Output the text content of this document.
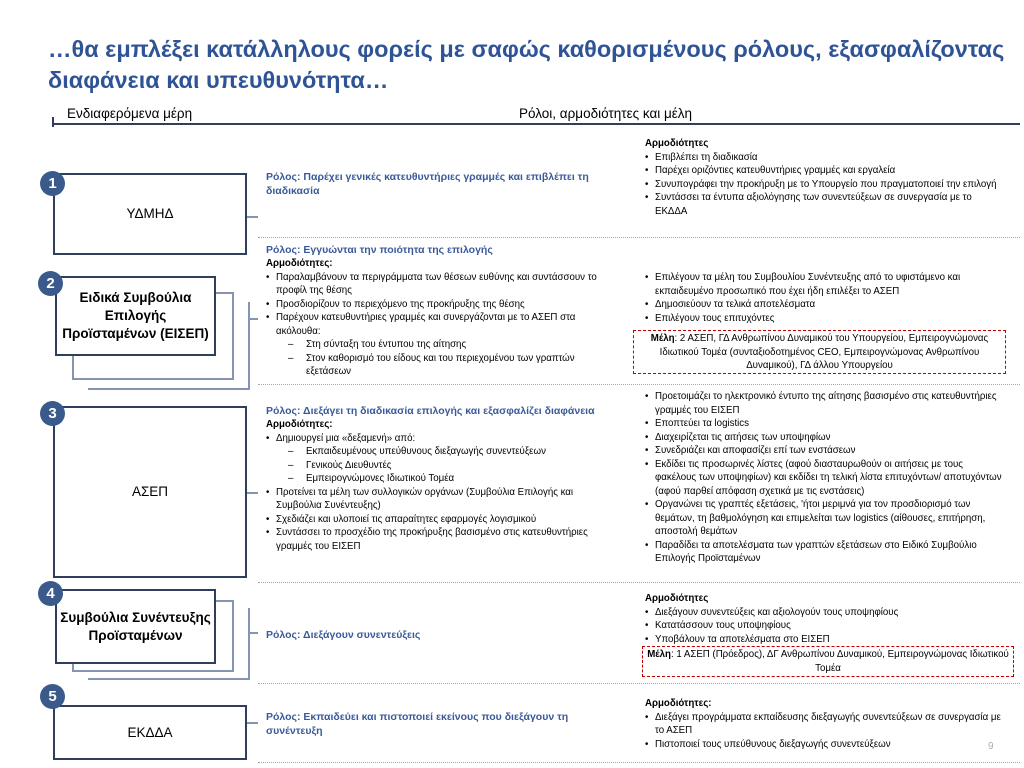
…θα εμπλέξει κατάλληλους φορείς με σαφώς καθορισμένους ρόλους, εξασφαλίζοντας διαφάνεια και υπευθυνότητα…
Ενδιαφερόμενα μέρη	Ρόλοι, αρμοδιότητες και μέλη
ΥΔΜΗΔ
1	Ρόλος: Παρέχει γενικές κατευθυντήριες γραμμές και επιβλέπει τη διαδικασία
Αρμοδιότητες
• Επιβλέπει τη διαδικασία
• Παρέχει οριζόντιες κατευθυντήριες γραμμές και εργαλεία
• Συνυπογράφει την προκήρυξη με το Υπουργείο που πραγματοποιεί την επιλογή
• Συντάσσει τα έντυπα αξιολόγησης των συνεντεύξεων σε συνεργασία με το ΕΚΔΔΑ
Ειδικά Συμβούλια Επιλογής Προϊσταμένων (ΕΙΣΕΠ)
2
Ρόλος: Εγγυώνται την ποιότητα της επιλογής
Αρμοδιότητες:
• Παραλαμβάνουν τα περιγράμματα των θέσεων ευθύνης και συντάσσουν το προφίλ της θέσης
• Προσδιορίζουν το περιεχόμενο της προκήρυξης της θέσης
• Παρέχουν κατευθυντήριες γραμμές και συνεργάζονται με το ΑΣΕΠ στα ακόλουθα:
– Στη σύνταξη του έντυπου της αίτησης
– Στον καθορισμό του είδους και του περιεχομένου των γραπτών εξετάσεων
• Επιλέγουν τα μέλη του Συμβουλίου Συνέντευξης από το υφιστάμενο και εκπαιδευμένο προσωπικό που έχει ήδη επιλέξει το ΑΣΕΠ
• Δημοσιεύουν τα τελικά αποτελέσματα
• Επιλέγουν τους επιτυχόντες
Μέλη: 2 ΑΣΕΠ, ΓΔ Ανθρωπίνου Δυναμικού του Υπουργείου, Εμπειρογνώμονας Ιδιωτικού Τομέα (συνταξιοδοτημένος CEO, Εμπειρογνώμονας Ανθρωπίνου Δυναμικού), ΓΔ άλλου Υπουργείου
ΑΣΕΠ
3	Ρόλος: Διεξάγει τη διαδικασία επιλογής και εξασφαλίζει διαφάνεια
Αρμοδιότητες:
• Δημιουργεί μια «δεξαμενή» από:
– Εκπαιδευμένους υπεύθυνους διεξαγωγής συνεντεύξεων
– Γενικούς Διευθυντές
– Εμπειρογνώμονες Ιδιωτικού Τομέα
• Προτείνει τα μέλη των συλλογικών οργάνων (Συμβούλια Επιλογής και Συμβούλια Συνέντευξης)
• Σχεδιάζει και υλοποιεί τις απαραίτητες εφαρμογές λογισμικού
• Συντάσσει το προσχέδιο της προκήρυξης βασισμένο στις κατευθυντήριες γραμμές του ΕΙΣΕΠ
• Προετοιμάζει το ηλεκτρονικό έντυπο της αίτησης βασισμένο στις κατευθυντήριες γραμμές του ΕΙΣΕΠ
• Εποπτεύει τα logistics
• Διαχειρίζεται τις αιτήσεις των υποψηφίων
• Συνεδριάζει και αποφασίζει επί των ενστάσεων
• Εκδίδει τις προσωρινές λίστες (αφού διασταυρωθούν οι αιτήσεις με τους φακέλους των υποψηφίων) και εκδίδει τη τελική λίστα επιτυχόντων/ αποτυχόντων (αφού παρθεί απόφαση σχετικά με τις ενστάσεις)
• Οργανώνει τις γραπτές εξετάσεις, 'ήτοι μεριμνά για τον προσδιορισμό των θεμάτων, τη βαθμολόγηση και επιμελείται των logistics (αίθουσες, επιτήρηση, αποστολή θεμάτων
• Παραδίδει τα αποτελέσματα των γραπτών εξετάσεων στο Ειδικό Συμβούλιο Επιλογής Προϊσταμένων
Συμβούλια Συνέντευξης Προϊσταμένων
4
Ρόλος: Διεξάγουν συνεντεύξεις
Αρμοδιότητες
• Διεξάγουν συνεντεύξεις και αξιολογούν τους υποψηφίους
• Κατατάσσουν τους υποψηφίους
• Υποβάλουν τα αποτελέσματα στο ΕΙΣΕΠ
Μέλη: 1 ΑΣΕΠ (Πρόεδρος), ΔΓ Ανθρωπίνου Δυναμικού, Εμπειρογνώμονας Ιδιωτικού Τομέα
ΕΚΔΔΑ
5
Ρόλος: Εκπαιδεύει και πιστοποιεί εκείνους που διεξάγουν τη συνέντευξη
Αρμοδιότητες:
• Διεξάγει προγράμματα εκπαίδευσης διεξαγωγής συνεντεύξεων σε συνεργασία με το ΑΣΕΠ
• Πιστοποιεί τους υπεύθυνους διεξαγωγής συνεντεύξεων	9
